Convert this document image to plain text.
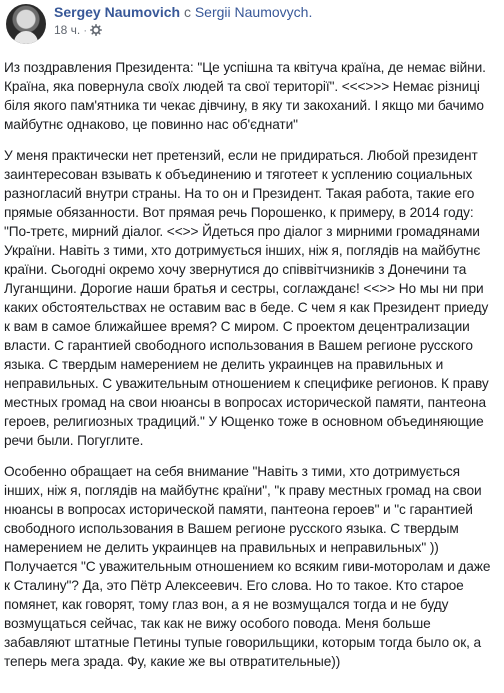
Sergey Naumovich с Sergii Naumovych.
18 ч. ·

Из поздравления Президента: "Це успішна та квітуча країна, де немає війни. Країна, яка повернула своїх людей та свої території". <<<>>> Немає різниці біля якого пам'ятника ти чекає дівчину, в яку ти закоханий. І якщо ми бачимо майбутнє однаково, це повинно нас об'єднати"

У меня практически нет претензий, если не придираться. Любой президент заинтересован взывать к объединению и тяготеет к усплению социальных разногласий внутри страны. На то он и Президент. Такая работа, такие его прямые обязанности. Вот прямая речь Порошенко, к примеру, в 2014 году: "По-третє, мирний діалог. <<>> Йдеться про діалог з мирними громадянами України. Навіть з тими, хто дотримується інших, ніж я, поглядів на майбутнє країни. Сьогодні окремо хочу звернутися до співвітчизників з Донечини та Луганщини. Дорогие наши братья и сестры, соглажданє! <<>> Но мы ни при каких обстоятельствах не оставим вас в беде. С чем я как Президент приеду к вам в самое ближайшее время? С миром. С проектом децентрализации власти. С гарантией свободного использования в Вашем регионе русского языка. С твердым намерением не делить украинцев на правильных и неправильных. С уважительным отношением к специфике регионов. К праву местных громад на свои нюансы в вопросах исторической памяти, пантеона героев, религиозных традиций." У Ющенко тоже в основном объединяющие речи были. Погуглите.

Особенно обращает на себя внимание "Навіть з тими, хто дотримується інших, ніж я, поглядів на майбутнє країни", "к праву местных громад на свои нюансы в вопросах исторической памяти, пантеона героев" и "с гарантией свободного использования в Вашем регионе русского языка. С твердым намерением не делить украинцев на правильных и неправильных" )) Получается "С уважительным отношением ко всяким гиви-моторолам и даже к Сталину"? Да, это Пётр Алексеевич. Его слова. Но то такое. Кто старое помянет, как говорят, тому глаз вон, а я не возмущался тогда и не буду возмущаться сейчас, так как не вижу особого повода. Меня больше забавляют штатные Петины тупые говорильщики, которым тогда было ок, а теперь мега зрада. Фу, какие же вы отвратительные))
